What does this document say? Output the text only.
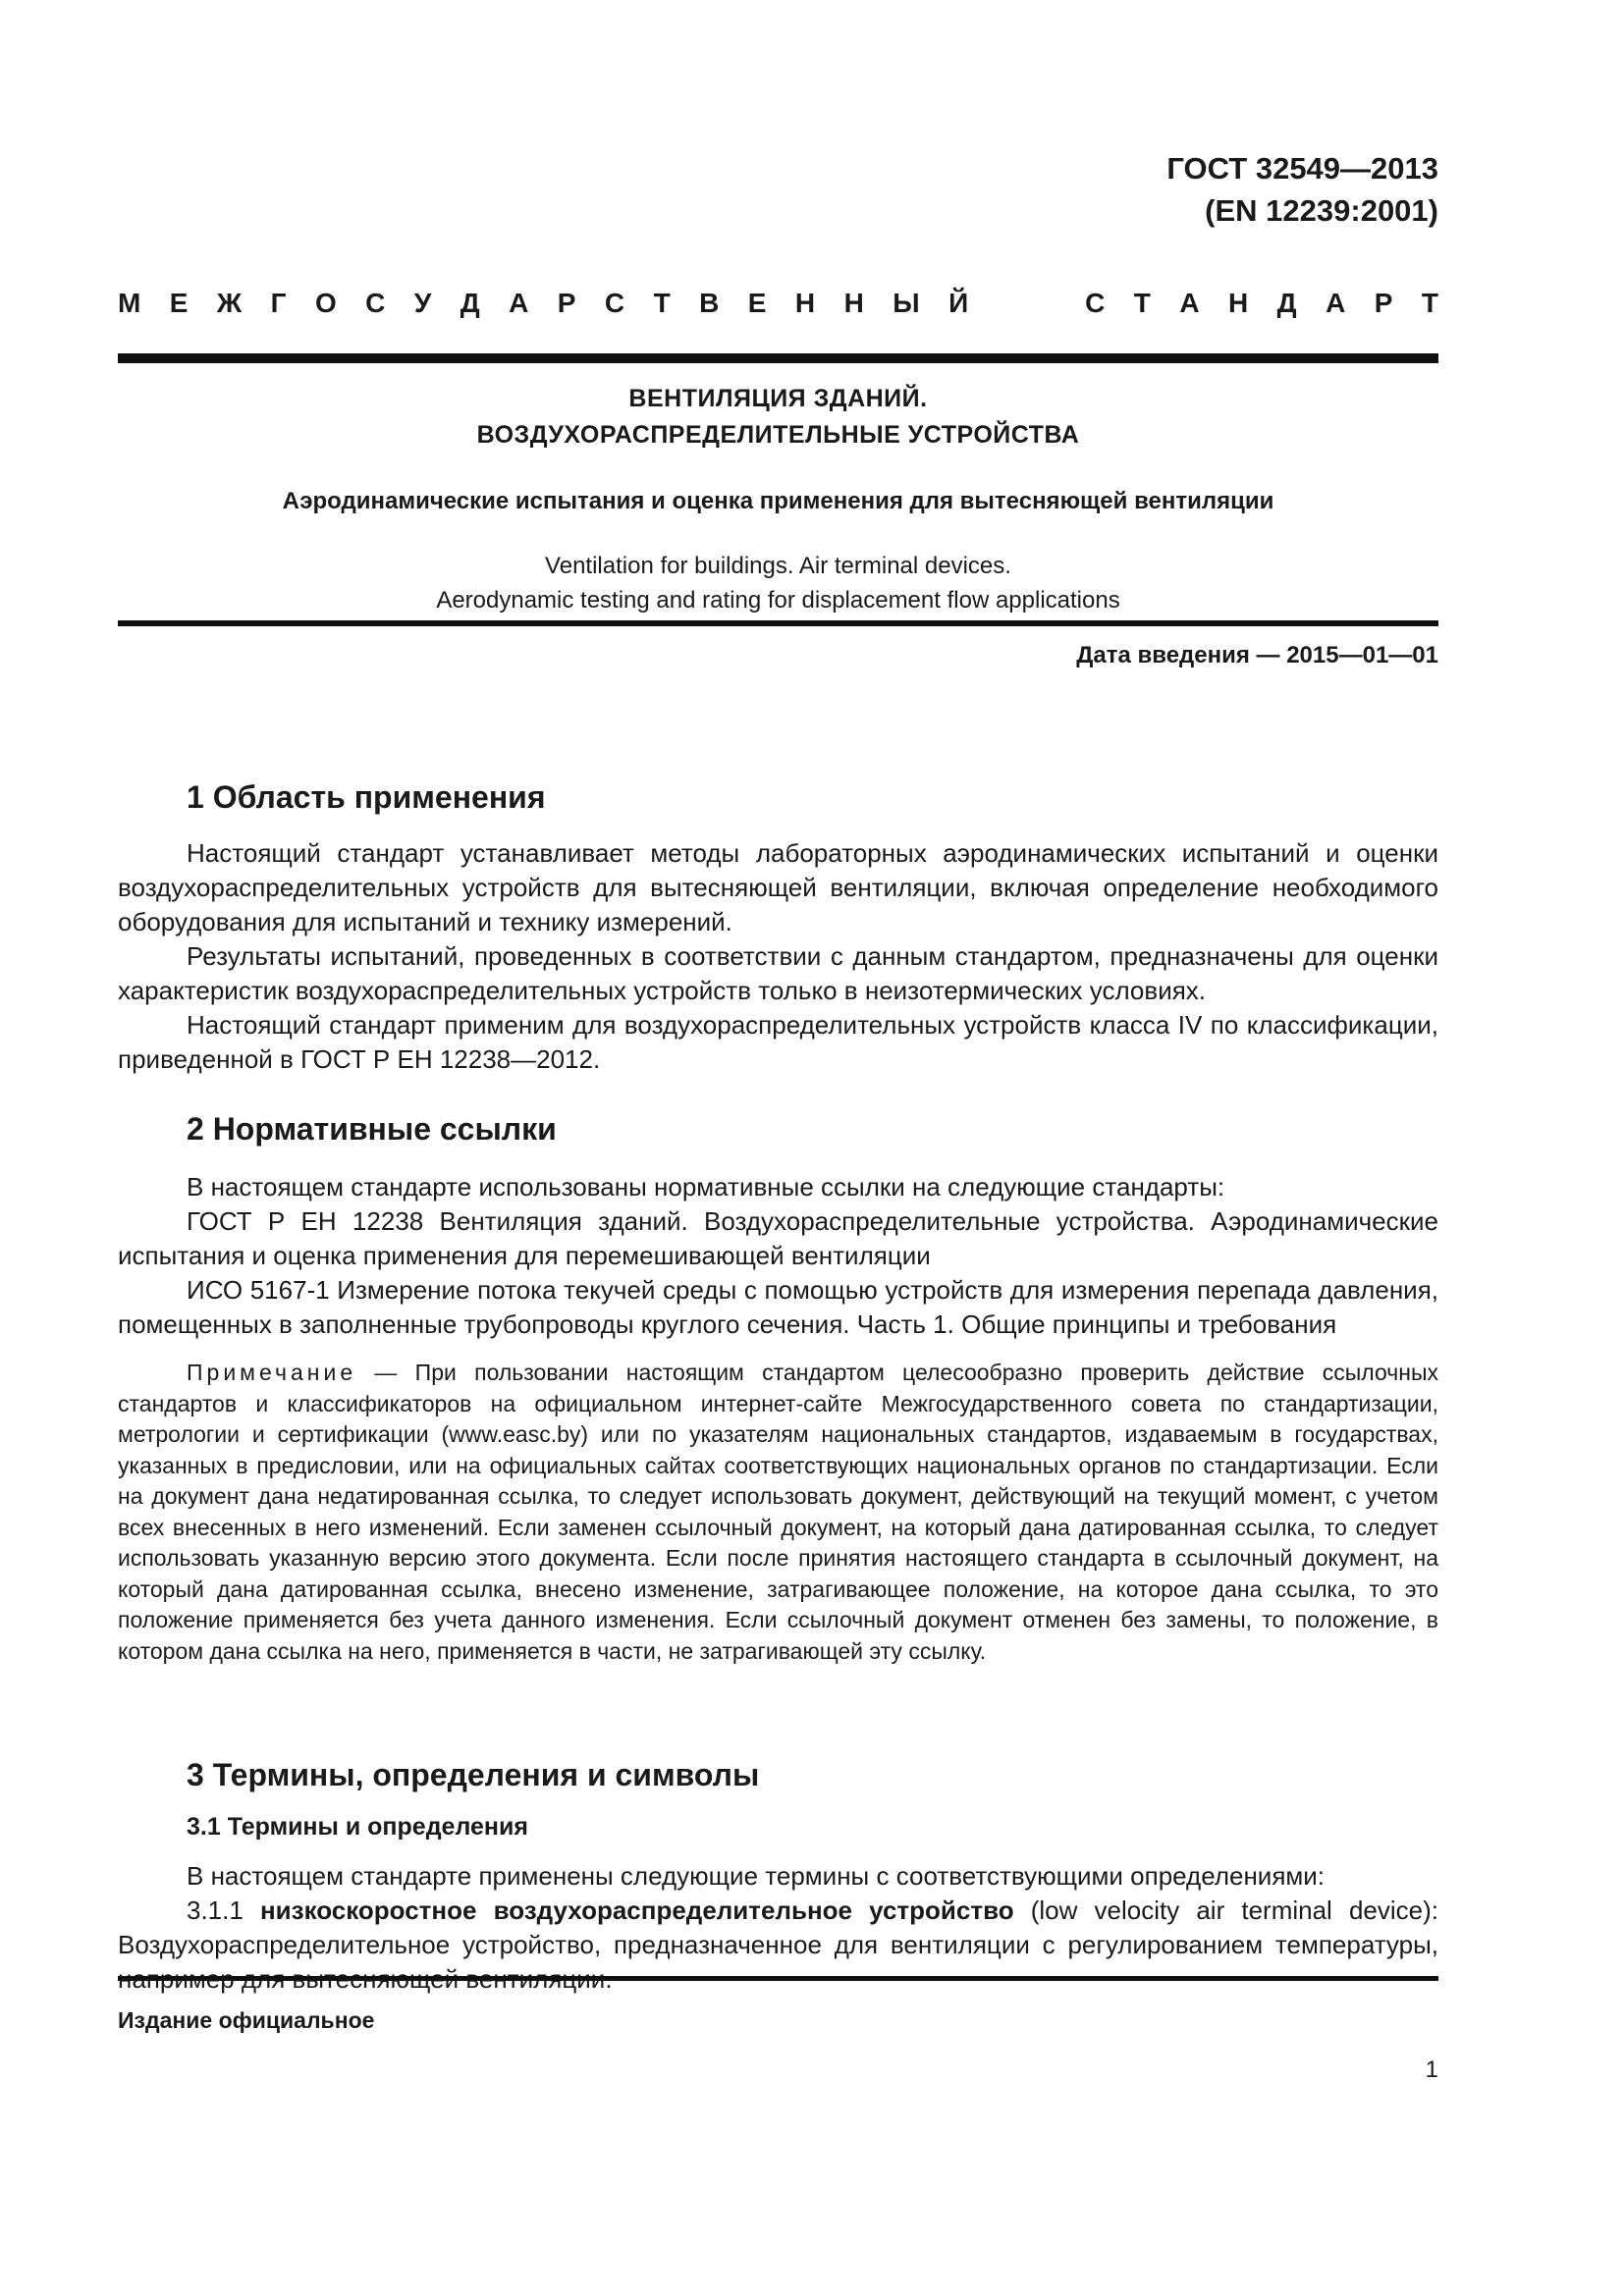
ГОСТ 32549—2013
(EN 12239:2001)
М Е Ж Г О С У Д А Р С Т В Е Н Н Ы Й	С Т А Н Д А Р Т
ВЕНТИЛЯЦИЯ ЗДАНИЙ.
ВОЗДУХОРАСПРЕДЕЛИТЕЛЬНЫЕ УСТРОЙСТВА
Аэродинамические испытания и оценка применения для вытесняющей вентиляции
Ventilation for buildings. Air terminal devices.
Aerodynamic testing and rating for displacement flow applications
Дата введения — 2015—01—01
1 Область применения

Настоящий стандарт устанавливает методы лабораторных аэродинамических испытаний и оценки воздухораспределительных устройств для вытесняющей вентиляции, включая определение необходимого оборудования для испытаний и технику измерений.

Результаты испытаний, проведенных в соответствии с данным стандартом, предназначены для оценки характеристик воздухораспределительных устройств только в неизотермических условиях.

Настоящий стандарт применим для воздухораспределительных устройств класса IV по классификации, приведенной в ГОСТ Р ЕН 12238—2012.

2 Нормативные ссылки

В настоящем стандарте использованы нормативные ссылки на следующие стандарты:

ГОСТ Р ЕН 12238 Вентиляция зданий. Воздухораспределительные устройства. Аэродинамические испытания и оценка применения для перемешивающей вентиляции

ИСО 5167-1 Измерение потока текучей среды с помощью устройств для измерения перепада давления, помещенных в заполненные трубопроводы круглого сечения. Часть 1. Общие принципы и требования

Примечание — При пользовании настоящим стандартом целесообразно проверить действие ссылочных стандартов и классификаторов на официальном интернет-сайте Межгосударственного совета по стандартизации, метрологии и сертификации (www.easc.by) или по указателям национальных стандартов, издаваемым в государствах, указанных в предисловии, или на официальных сайтах соответствующих национальных органов по стандартизации. Если на документ дана недатированная ссылка, то следует использовать документ, действующий на текущий момент, с учетом всех внесенных в него изменений. Если заменен ссылочный документ, на который дана датированная ссылка, то следует использовать указанную версию этого документа. Если после принятия настоящего стандарта в ссылочный документ, на который дана датированная ссылка, внесено изменение, затрагивающее положение, на которое дана ссылка, то это положение применяется без учета данного изменения. Если ссылочный документ отменен без замены, то положение, в котором дана ссылка на него, применяется в части, не затрагивающей эту ссылку.

3 Термины, определения и символы
3.1 Термины и определения

В настоящем стандарте применены следующие термины с соответствующими определениями:

3.1.1 низкоскоростное воздухораспределительное устройство (low velocity air terminal device): Воздухораспределительное устройство, предназначенное для вентиляции с регулированием температуры,

Издание официальное
1
